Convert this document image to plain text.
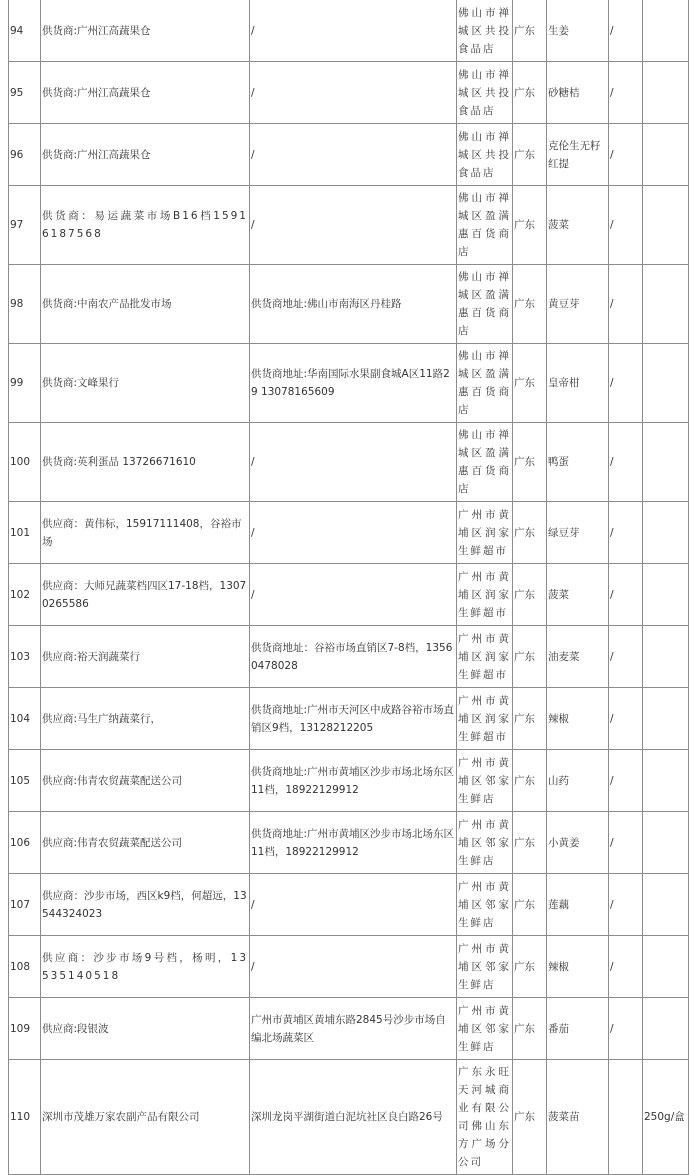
94	供货商:广州江高蔬果仓	/	佛山市禅城区共投食品店	广东	生姜	/	
95	供货商:广州江高蔬果仓	/	佛山市禅城区共投食品店	广东	砂糖桔	/	
96	供货商:广州江高蔬果仓	/	佛山市禅城区共投食品店	广东	克伦生无籽红提	/	
97	供货商：易运蔬菜市场B16档15916187568	/	佛山市禅城区盈满惠百货商店	广东	菠菜	/	
98	供货商:中南农产品批发市场	供货商地址:佛山市南海区丹桂路	佛山市禅城区盈满惠百货商店	广东	黄豆芽	/	
99	供货商:文峰果行	供货商地址:华南国际水果副食城A区11路29 13078165609	佛山市禅城区盈满惠百货商店	广东	皇帝柑	/	
100	供货商:英利蛋品 13726671610	/	佛山市禅城区盈满惠百货商店	广东	鸭蛋	/	
101	供应商：黄伟标，15917111408，谷裕市场	/	广州市黄埔区润家生鲜超市	广东	绿豆芽	/	
102	供应商：大师兄蔬菜档四区17-18档，13070265586	/	广州市黄埔区润家生鲜超市	广东	菠菜	/	
103	供应商:裕天润蔬菜行	供货商地址：谷裕市场直销区7-8档，13560478028	广州市黄埔区润家生鲜超市	广东	油麦菜	/	
104	供应商:马生广纳蔬菜行，	供货商地址:广州市天河区中成路谷裕市场直销区9档，13128212205	广州市黄埔区润家生鲜超市	广东	辣椒	/	
105	供应商:伟青农贸蔬菜配送公司	供货商地址:广州市黄埔区沙步市场北场东区11档，18922129912	广州市黄埔区邻家生鲜店	广东	山药	/	
106	供应商:伟青农贸蔬菜配送公司	供货商地址:广州市黄埔区沙步市场北场东区11档，18922129912	广州市黄埔区邻家生鲜店	广东	小黄姜	/	
107	供应商：沙步市场，西区k9档，何超远，13544324023	/	广州市黄埔区邻家生鲜店	广东	莲藕	/	
108	供应商：沙步市场9号档，杨明，13535140518	/	广州市黄埔区邻家生鲜店	广东	辣椒	/	
109	供应商:段银波	广州市黄埔区黄埔东路2845号沙步市场自编北场蔬菜区	广州市黄埔区邻家生鲜店	广东	番茄	/	
110	深圳市茂雄万家农副产品有限公司	深圳龙岗平湖街道白泥坑社区良白路26号	广东永旺天河城商业有限公司佛山东方广场分公司	广东	菠菜苗		250g/盒
